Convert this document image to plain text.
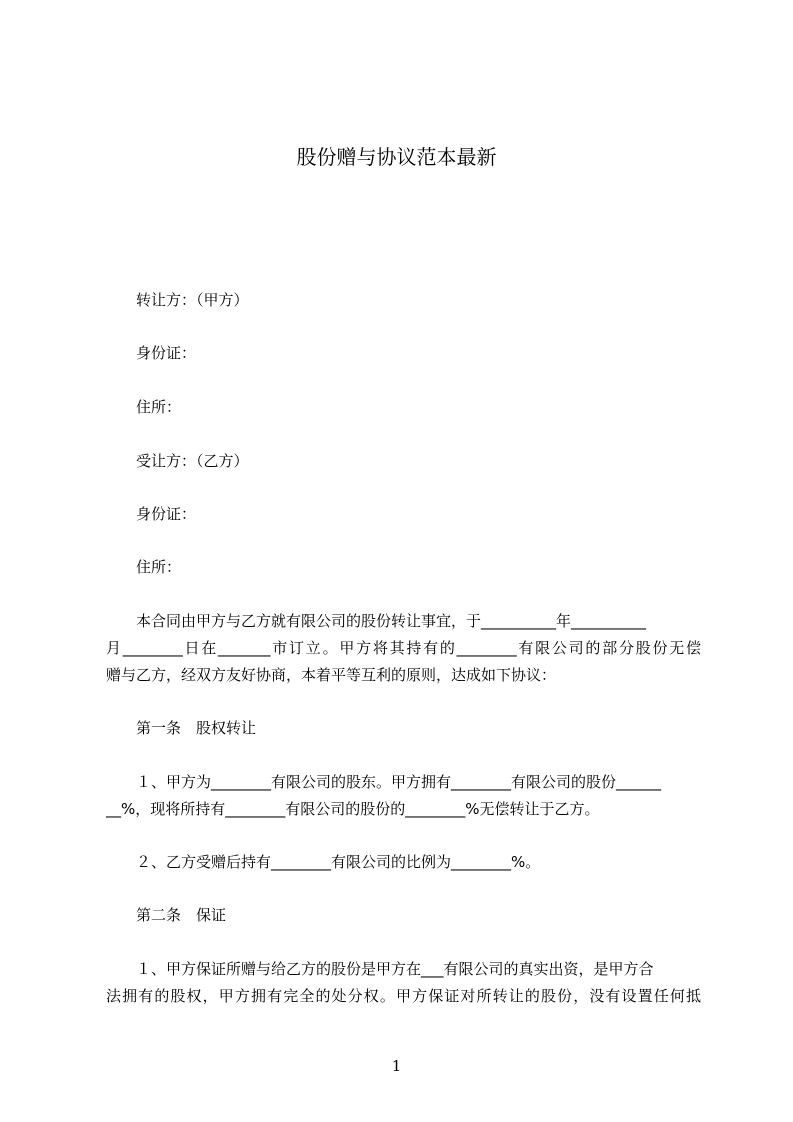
股份赠与协议范本最新
转让方：（甲方）
身份证：
住所：
受让方：（乙方）
身份证：
住所：
本合同由甲方与乙方就有限公司的股份转让事宜，于__________年__________
月________日在_______市订立。甲方将其持有的________有限公司的部分股份无偿
赠与乙方，经双方友好协商，本着平等互利的原则，达成如下协议：
第一条　股权转让
１、甲方为________有限公司的股东。甲方拥有________有限公司的股份______
__%，现将所持有________有限公司的股份的________%无偿转让于乙方。
２、乙方受赠后持有________有限公司的比例为________%。
第二条　保证
１、甲方保证所赠与给乙方的股份是甲方在___有限公司的真实出资，是甲方合
法拥有的股权，甲方拥有完全的处分权。甲方保证对所转让的股份，没有设置任何抵
1
